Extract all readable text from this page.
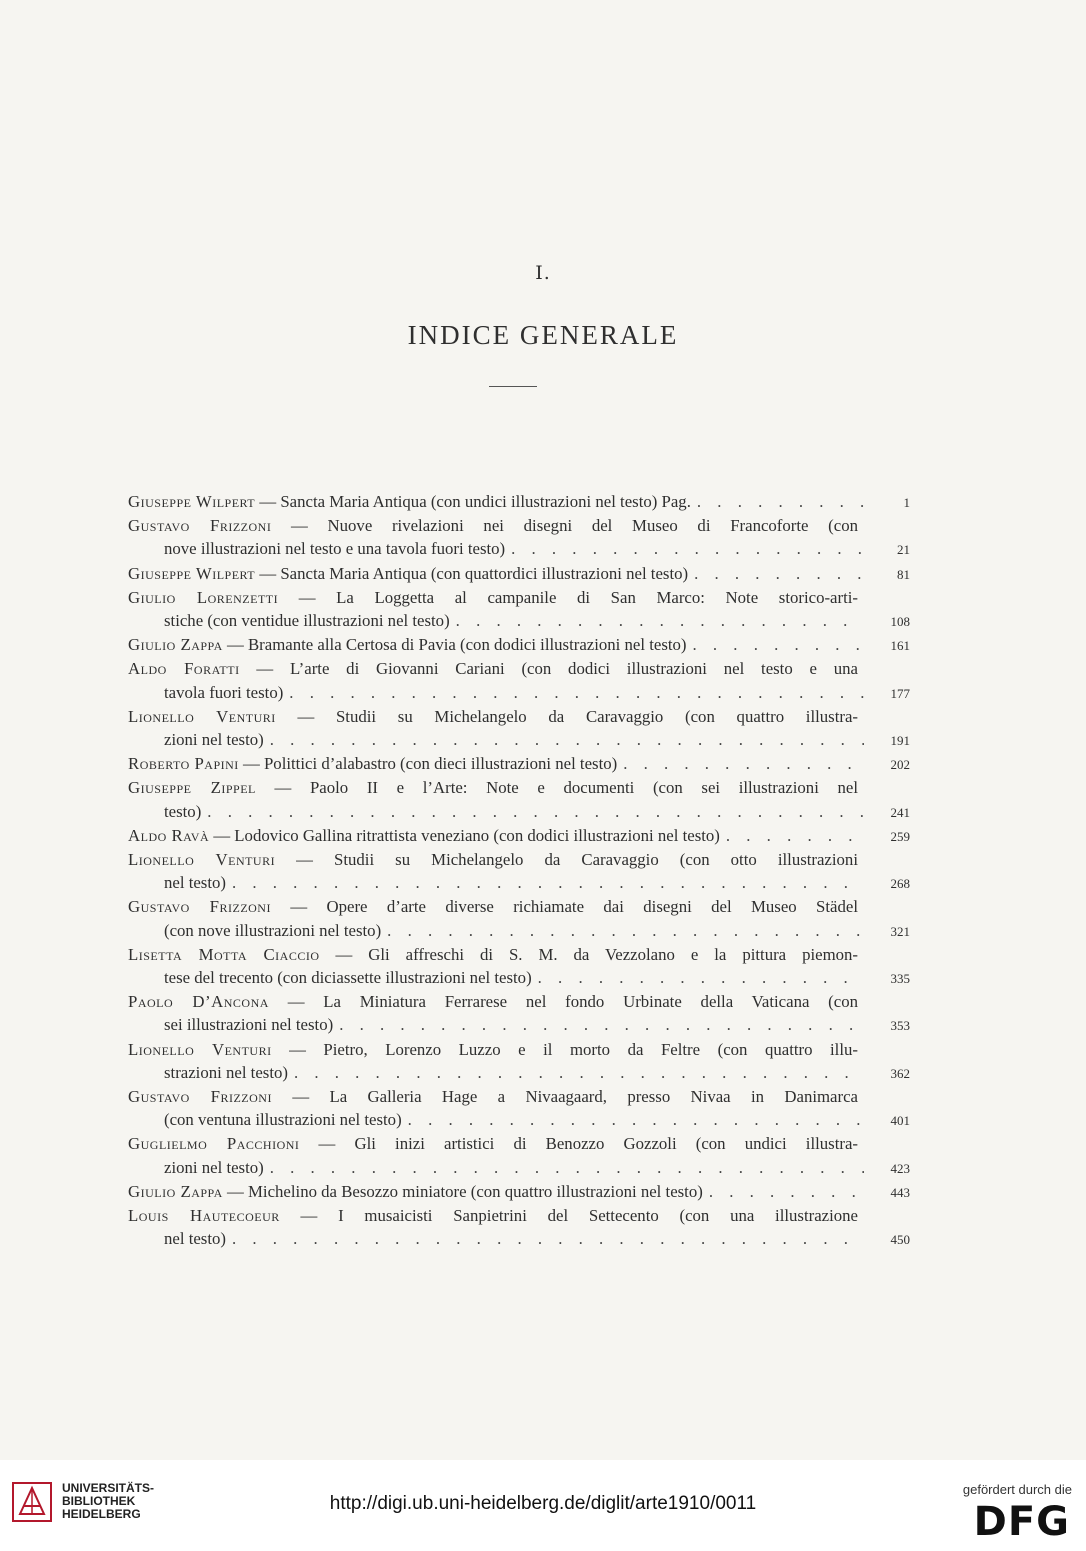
I.
INDICE GENERALE
Giuseppe Wilpert — Sancta Maria Antiqua (con undici illustrazioni nel testo) Pag. . . .	1
Gustavo Frizzoni — Nuove rivelazioni nei disegni del Museo di Francoforte (con
nove illustrazioni nel testo e una tavola fuori testo) . . .	21
Giuseppe Wilpert — Sancta Maria Antiqua (con quattordici illustrazioni nel testo) . . .	81
Giulio Lorenzetti — La Loggetta al campanile di San Marco: Note storico-arti-
stiche (con ventidue illustrazioni nel testo) . . .	108
Giulio Zappa — Bramante alla Certosa di Pavia (con dodici illustrazioni nel testo) . . .	161
Aldo Foratti — L’arte di Giovanni Cariani (con dodici illustrazioni nel testo e una
tavola fuori testo) . . .	177
Lionello Venturi — Studii su Michelangelo da Caravaggio (con quattro illustra-
zioni nel testo) . . .	191
Roberto Papini — Polittici d’alabastro (con dieci illustrazioni nel testo) . . .	202
Giuseppe Zippel — Paolo II e l’Arte: Note e documenti (con sei illustrazioni nel
testo) . . .	241
Aldo Ravà — Lodovico Gallina ritrattista veneziano (con dodici illustrazioni nel testo) . . .	259
Lionello Venturi — Studii su Michelangelo da Caravaggio (con otto illustrazioni
nel testo) . . .	268
Gustavo Frizzoni — Opere d’arte diverse richiamate dai disegni del Museo Städel
(con nove illustrazioni nel testo) . . .	321
Lisetta Motta Ciaccio — Gli affreschi di S. M. da Vezzolano e la pittura piemon-
tese del trecento (con diciassette illustrazioni nel testo) . . .	335
Paolo D’Ancona — La Miniatura Ferrarese nel fondo Urbinate della Vaticana (con
sei illustrazioni nel testo) . . .	353
Lionello Venturi — Pietro, Lorenzo Luzzo e il morto da Feltre (con quattro illu-
strazioni nel testo) . . .	362
Gustavo Frizzoni — La Galleria Hage a Nivaagaard, presso Nivaa in Danimarca
(con ventuna illustrazioni nel testo) . . .	401
Guglielmo Pacchioni — Gli inizi artistici di Benozzo Gozzoli (con undici illustra-
zioni nel testo) . . .	423
Giulio Zappa — Michelino da Besozzo miniatore (con quattro illustrazioni nel testo) . . .	443
Louis Hautecoeur — I musaicisti Sanpietrini del Settecento (con una illustrazione
nel testo) . . .	450
UNIVERSITÄTS-
BIBLIOTHEK
HEIDELBERG	http://digi.ub.uni-heidelberg.de/diglit/arte1910/0011
gefördert durch die
DFG
